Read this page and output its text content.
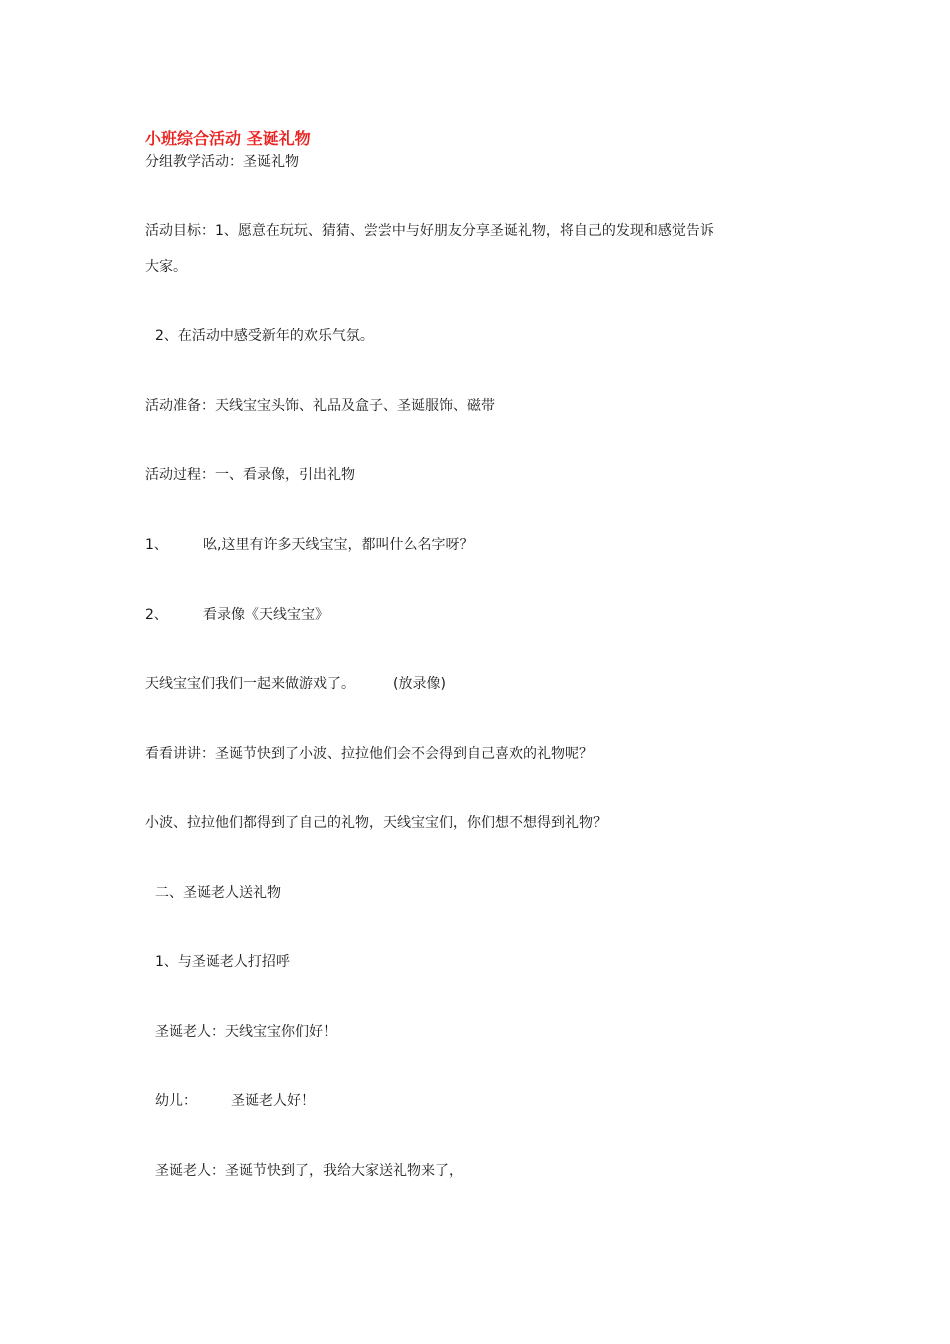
小班综合活动 圣诞礼物
分组教学活动：圣诞礼物
活动目标：1、愿意在玩玩、猜猜、尝尝中与好朋友分享圣诞礼物，将自己的发现和感觉告诉
大家。
2、在活动中感受新年的欢乐气氛。
活动准备：天线宝宝头饰、礼品及盒子、圣诞服饰、磁带
活动过程：一、看录像，引出礼物
1、	吆,这里有许多天线宝宝，都叫什么名字呀？
2、	看录像《天线宝宝》
天线宝宝们我们一起来做游戏了。	(放录像)
看看讲讲：圣诞节快到了小波、拉拉他们会不会得到自己喜欢的礼物呢？
小波、拉拉他们都得到了自己的礼物，天线宝宝们，你们想不想得到礼物？
二、圣诞老人送礼物
1、与圣诞老人打招呼
圣诞老人：天线宝宝你们好！
幼儿： 圣诞老人好！
圣诞老人：圣诞节快到了，我给大家送礼物来了，
